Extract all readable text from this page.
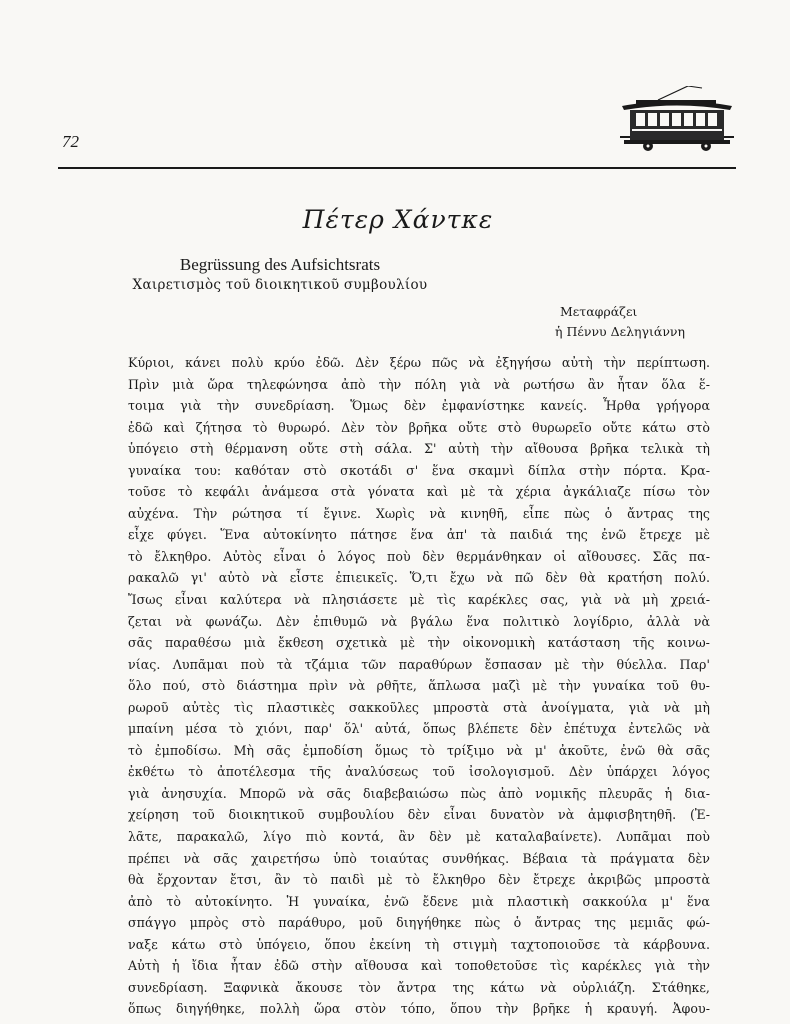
72
Πέτερ Χάντκε
Begrüssung des Aufsichtsrats
Χαιρετισμὸς τοῦ διοικητικοῦ συμβουλίου
Μεταφράζει
ἡ Πέννυ Δεληγιάννη
Κύριοι, κάνει πολὺ κρύο ἐδῶ. Δὲν ξέρω πῶς νὰ ἐξηγήσω αὐτὴ τὴν περίπτωση.
Πρὶν μιὰ ὥρα τηλεφώνησα ἀπὸ τὴν πόλη γιὰ νὰ ρωτήσω ἂν ἦταν ὅλα ἕ-
τοιμα γιὰ τὴν συνεδρίαση. Ὅμως δὲν ἐμφανίστηκε κανείς. Ἦρθα γρήγορα
ἐδῶ καὶ ζήτησα τὸ θυρωρό. Δὲν τὸν βρῆκα οὔτε στὸ θυρωρεῖο οὔτε κάτω στὸ
ὑπόγειο στὴ θέρμανση οὔτε στὴ σάλα. Σ' αὐτὴ τὴν αἴθουσα βρῆκα τελικὰ τὴ
γυναίκα του: καθόταν στὸ σκοτάδι σ' ἕνα σκαμνὶ δίπλα στὴν πόρτα. Κρα-
τοῦσε τὸ κεφάλι ἀνάμεσα στὰ γόνατα καὶ μὲ τὰ χέρια ἀγκάλιαζε πίσω τὸν
αὐχένα. Τὴν ρώτησα τί ἔγινε. Χωρὶς νὰ κινηθῆ, εἶπε πὼς ὁ ἄντρας της
εἶχε φύγει. Ἕνα αὐτοκίνητο πάτησε ἕνα ἀπ' τὰ παιδιά της ἐνῶ ἔτρεχε μὲ
τὸ ἔλκηθρο. Αὐτὸς εἶναι ὁ λόγος ποὺ δὲν θερμάνθηκαν οἱ αἴθουσες. Σᾶς πα-
ρακαλῶ γι' αὐτὸ νὰ εἶστε ἐπιεικεῖς. Ὅ,τι ἔχω νὰ πῶ δὲν θὰ κρατήση πολύ.
Ἴσως εἶναι καλύτερα νὰ πλησιάσετε μὲ τὶς καρέκλες σας, γιὰ νὰ μὴ χρειά-
ζεται νὰ φωνάζω. Δὲν ἐπιθυμῶ νὰ βγάλω ἕνα πολιτικὸ λογίδριο, ἀλλὰ νὰ
σᾶς παραθέσω μιὰ ἔκθεση σχετικὰ μὲ τὴν οἰκονομικὴ κατάσταση τῆς κοινω-
νίας. Λυπᾶμαι ποὺ τὰ τζάμια τῶν παραθύρων ἔσπασαν μὲ τὴν θύελλα. Παρ'
ὅλο πού, στὸ διάστημα πρὶν νὰ ρθῆτε, ἅπλωσα μαζὶ μὲ τὴν γυναίκα τοῦ θυ-
ρωροῦ αὐτὲς τὶς πλαστικὲς σακκοῦλες μπροστὰ στὰ ἀνοίγματα, γιὰ νὰ μὴ
μπαίνη μέσα τὸ χιόνι, παρ' ὅλ' αὐτά, ὅπως βλέπετε δὲν ἐπέτυχα ἐντελῶς νὰ
τὸ ἐμποδίσω. Μὴ σᾶς ἐμποδίση ὅμως τὸ τρίξιμο νὰ μ' ἀκοῦτε, ἐνῶ θὰ σᾶς
ἐκθέτω τὸ ἀποτέλεσμα τῆς ἀναλύσεως τοῦ ἰσολογισμοῦ. Δὲν ὑπάρχει λόγος
γιὰ ἀνησυχία. Μπορῶ νὰ σᾶς διαβεβαιώσω πὼς ἀπὸ νομικῆς πλευρᾶς ἡ δια-
χείρηση τοῦ διοικητικοῦ συμβουλίου δὲν εἶναι δυνατὸν νὰ ἀμφισβητηθῆ. (Ἐ-
λᾶτε, παρακαλῶ, λίγο πιὸ κοντά, ἂν δὲν μὲ καταλαβαίνετε). Λυπᾶμαι ποὺ
πρέπει νὰ σᾶς χαιρετήσω ὑπὸ τοιαύτας συνθήκας. Βέβαια τὰ πράγματα δὲν
θὰ ἔρχονταν ἔτσι, ἂν τὸ παιδὶ μὲ τὸ ἔλκηθρο δὲν ἔτρεχε ἀκριβῶς μπροστὰ
ἀπὸ τὸ αὐτοκίνητο. Ἡ γυναίκα, ἐνῶ ἔδενε μιὰ πλαστικὴ σακκούλα μ' ἕνα
σπάγγο μπρὸς στὸ παράθυρο, μοῦ διηγήθηκε πὼς ὁ ἄντρας της μεμιᾶς φώ-
ναξε κάτω στὸ ὑπόγειο, ὅπου ἐκείνη τὴ στιγμὴ ταχτοποιοῦσε τὰ κάρβουνα.
Αὐτὴ ἡ ἴδια ἦταν ἐδῶ στὴν αἴθουσα καὶ τοποθετοῦσε τὶς καρέκλες γιὰ τὴν
συνεδρίαση. Ξαφνικὰ ἄκουσε τὸν ἄντρα της κάτω νὰ οὐρλιάζη. Στάθηκε,
ὅπως διηγήθηκε, πολλὴ ὥρα στὸν τόπο, ὅπου τὴν βρῆκε ἡ κραυγή. Ἀφου-
